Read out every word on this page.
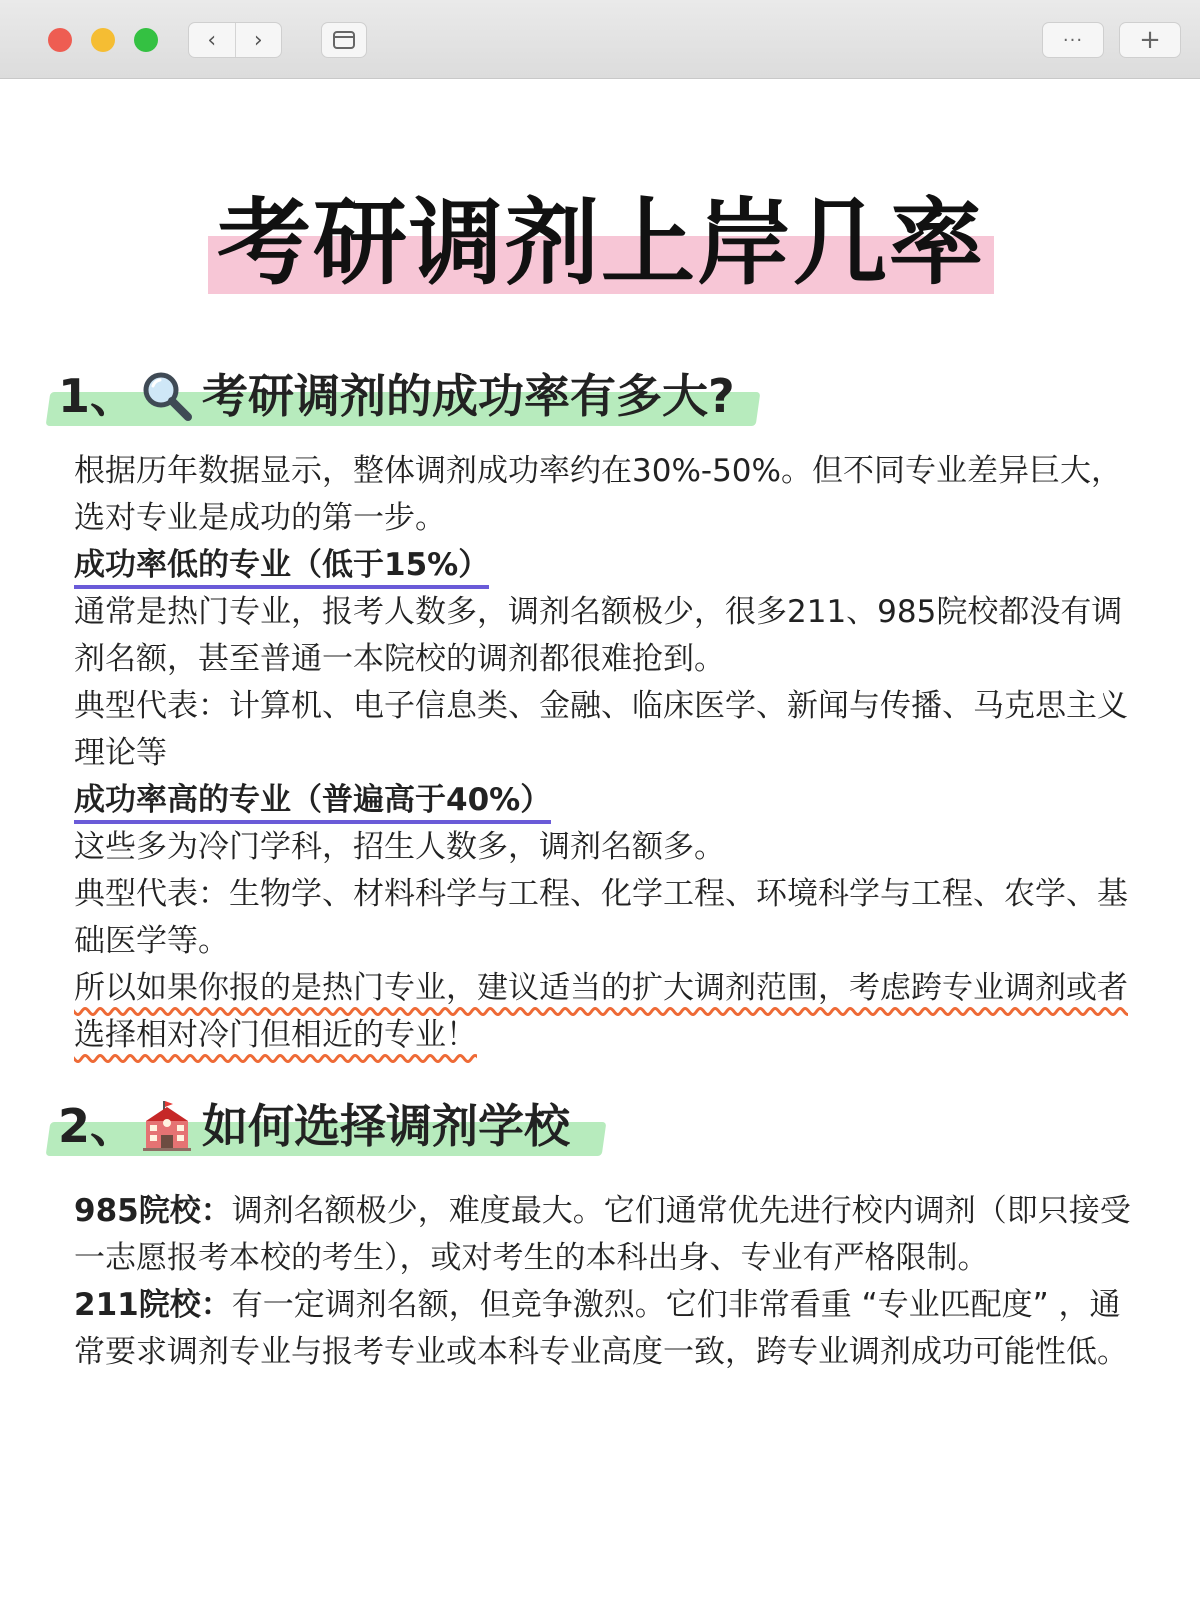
‹ ›	··· +
考研调剂上岸几率
1、 考研调剂的成功率有多大?

根据历年数据显示，整体调剂成功率约在30%-50%。但不同专业差异巨大，选对专业是成功的第一步。

成功率低的专业（低于15%）

通常是热门专业，报考人数多，调剂名额极少，很多211、985院校都没有调剂名额，甚至普通一本院校的调剂都很难抢到。

典型代表：计算机、电子信息类、金融、临床医学、新闻与传播、马克思主义理论等

成功率高的专业（普遍高于40%）

这些多为冷门学科，招生人数多，调剂名额多。

典型代表：生物学、材料科学与工程、化学工程、环境科学与工程、农学、基础医学等。

所以如果你报的是热门专业，建议适当的扩大调剂范围，考虑跨专业调剂或者选择相对冷门但相近的专业！

2、 如何选择调剂学校

985院校：调剂名额极少，难度最大。它们通常优先进行校内调剂（即只接受一志愿报考本校的考生），或对考生的本科出身、专业有严格限制。

211院校：有一定调剂名额，但竞争激烈。它们非常看重 “专业匹配度” ，通常要求调剂专业与报考专业或本科专业高度一致，跨专业调剂成功可能性低。
